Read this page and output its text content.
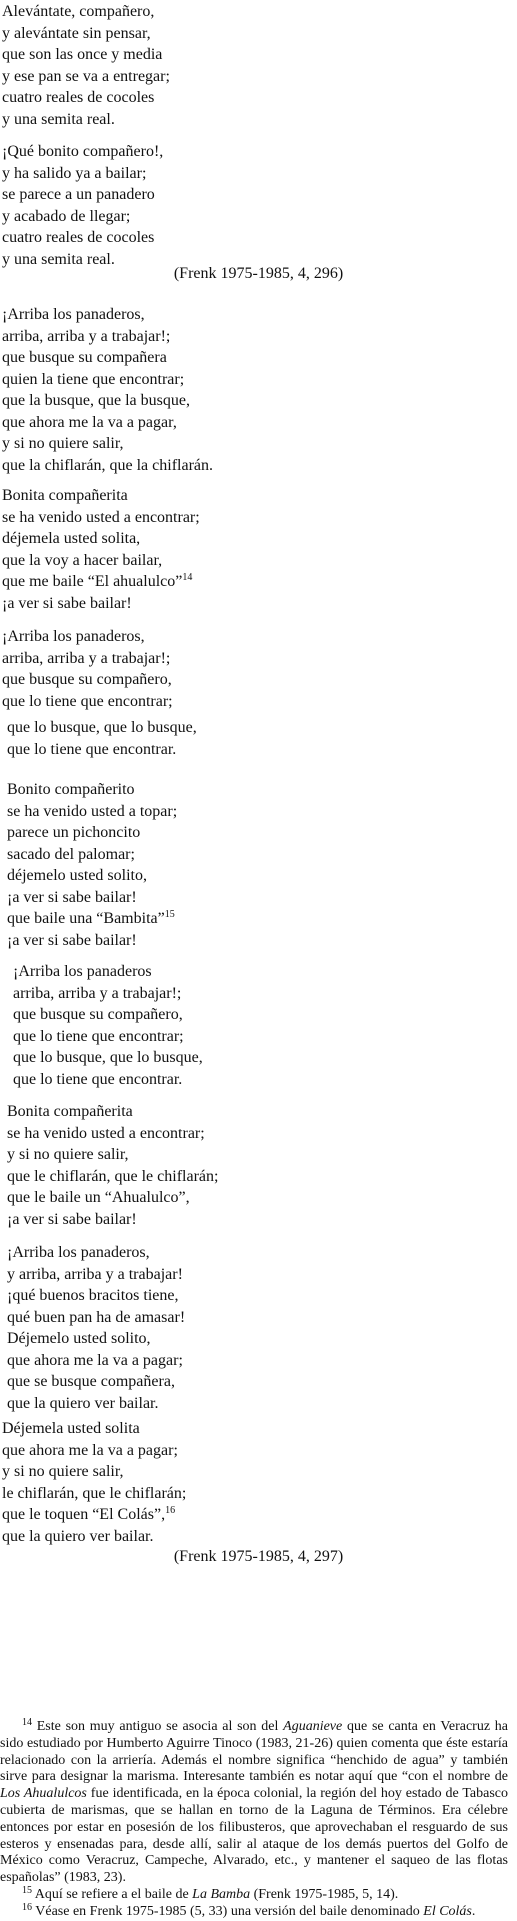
Alevántate, compañero,
y alevántate sin pensar,
que son las once y media
y ese pan se va a entregar;
cuatro reales de cocoles
y una semita real.

¡Qué bonito compañero!,
y ha salido ya a bailar;
se parece a un panadero
y acabado de llegar;
cuatro reales de cocoles
y una semita real.

(Frenk 1975-1985, 4, 296)

¡Arriba los panaderos,
arriba, arriba y a trabajar!;
que busque su compañera
quien la tiene que encontrar;
que la busque, que la busque,
que ahora me la va a pagar,
y si no quiere salir,
que la chiflarán, que la chiflarán.

Bonita compañerita
se ha venido usted a encontrar;
déjemela usted solita,
que la voy a hacer bailar,
que me baile “El ahualulco”$^{14}$
¡a ver si sabe bailar!

¡Arriba los panaderos,
arriba, arriba y a trabajar!;
que busque su compañero,
que lo tiene que encontrar;

que lo busque, que lo busque,
que lo tiene que encontrar.

Bonito compañerito
se ha venido usted a topar;
parece un pichoncito
sacado del palomar;
déjemelo usted solito,
¡a ver si sabe bailar!
que baile una “Bambita”$^{15}$
¡a ver si sabe bailar!

¡Arriba los panaderos
arriba, arriba y a trabajar!;
que busque su compañero,
que lo tiene que encontrar;
que lo busque, que lo busque,
que lo tiene que encontrar.

Bonita compañerita
se ha venido usted a encontrar;
y si no quiere salir,
que le chiflarán, que le chiflarán;
que le baile un “Ahualulco”,
¡a ver si sabe bailar!

¡Arriba los panaderos,
y arriba, arriba y a trabajar!
¡qué buenos bracitos tiene,
qué buen pan ha de amasar!
Déjemelo usted solito,
que ahora me la va a pagar;
que se busque compañera,
que la quiero ver bailar.

Déjemela usted solita
que ahora me la va a pagar;
y si no quiere salir,
le chiflarán, que le chiflarán;
que le toquen “El Colás”,$^{16}$
que la quiero ver bailar.

(Frenk 1975-1985, 4, 297)

$^{14}$ Este son muy antiguo se asocia al son del Aguanieve que se canta en Veracruz ha sido estudiado por Humberto Aguirre Tinoco (1983, 21-26) quien comenta que éste estaría relacionado con la arriería. Además el nombre significa “henchido de agua” y también sirve para designar la marisma. Interesante también es notar aquí que “con el nombre de Los Ahualulcos fue identificada, en la época colonial, la región del hoy estado de Tabasco cubierta de marismas, que se hallan en torno de la Laguna de Términos. Era célebre entonces por estar en posesión de los filibusteros, que aprovechaban el resguardo de sus esteros y ensenadas para, desde allí, salir al ataque de los demás puertos del Golfo de México como Veracruz, Campeche, Alvarado, etc., y mantener el saqueo de las flotas españolas” (1983, 23).

$^{15}$ Aquí se refiere a el baile de La Bamba (Frenk 1975-1985, 5, 14).

$^{16}$ Véase en Frenk 1975-1985 (5, 33) una versión del baile denominado El Colás.
